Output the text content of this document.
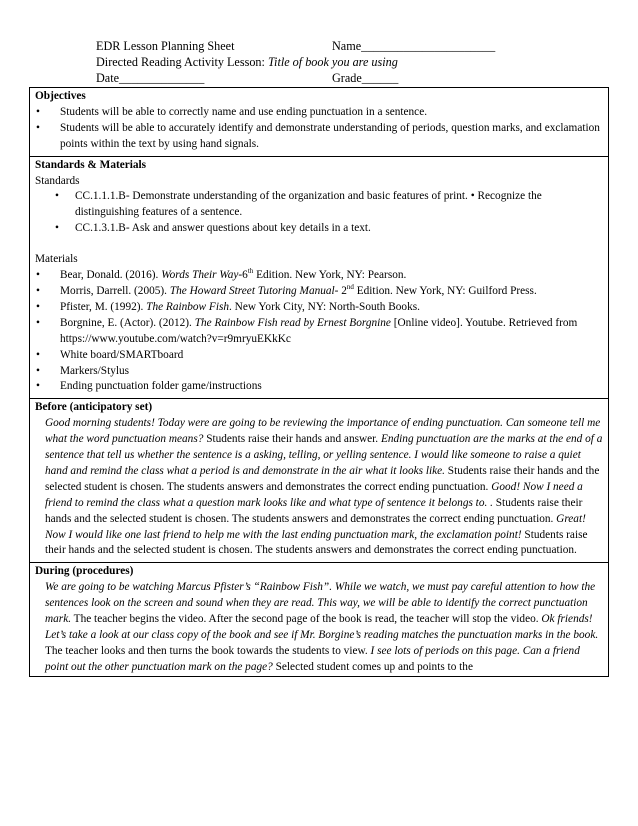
EDR Lesson Planning Sheet	Name______________________
Directed Reading Activity Lesson: Title of book you are using
Date______________	Grade______
Objectives
• Students will be able to correctly name and use ending punctuation in a sentence.
• Students will be able to accurately identify and demonstrate understanding of periods, question marks, and exclamation points within the text by using hand signals.
Standards & Materials
Standards
• CC.1.1.1.B- Demonstrate understanding of the organization and basic features of print. • Recognize the distinguishing features of a sentence.
• CC.1.3.1.B- Ask and answer questions about key details in a text.
Materials
• Bear, Donald. (2016). Words Their Way-6th Edition. New York, NY: Pearson.
• Morris, Darrell. (2005). The Howard Street Tutoring Manual- 2nd Edition. New York, NY: Guilford Press.
• Pfister, M. (1992). The Rainbow Fish. New York City, NY: North-South Books.
• Borgnine, E. (Actor). (2012). The Rainbow Fish read by Ernest Borgnine [Online video]. Youtube. Retrieved from https://www.youtube.com/watch?v=r9mryuEKkKc
• White board/SMARTboard
• Markers/Stylus
• Ending punctuation folder game/instructions
Before (anticipatory set)
Good morning students! Today were are going to be reviewing the importance of ending punctuation. Can someone tell me what the word punctuation means? Students raise their hands and answer. Ending punctuation are the marks at the end of a sentence that tell us whether the sentence is a asking, telling, or yelling sentence. I would like someone to raise a quiet hand and remind the class what a period is and demonstrate in the air what it looks like. Students raise their hands and the selected student is chosen. The students answers and demonstrates the correct ending punctuation. Good! Now I need a friend to remind the class what a question mark looks like and what type of sentence it belongs to. . Students raise their hands and the selected student is chosen. The students answers and demonstrates the correct ending punctuation. Great! Now I would like one last friend to help me with the last ending punctuation mark, the exclamation point! Students raise their hands and the selected student is chosen. The students answers and demonstrates the correct ending punctuation.
During (procedures)
We are going to be watching Marcus Pfister’s “Rainbow Fish”. While we watch, we must pay careful attention to how the sentences look on the screen and sound when they are read. This way, we will be able to identify the correct punctuation mark. The teacher begins the video. After the second page of the book is read, the teacher will stop the video. Ok friends! Let’s take a look at our class copy of the book and see if Mr. Borgine’s reading matches the punctuation marks in the book. The teacher looks and then turns the book towards the students to view. I see lots of periods on this page. Can a friend point out the other punctuation mark on the page? Selected student comes up and points to the
